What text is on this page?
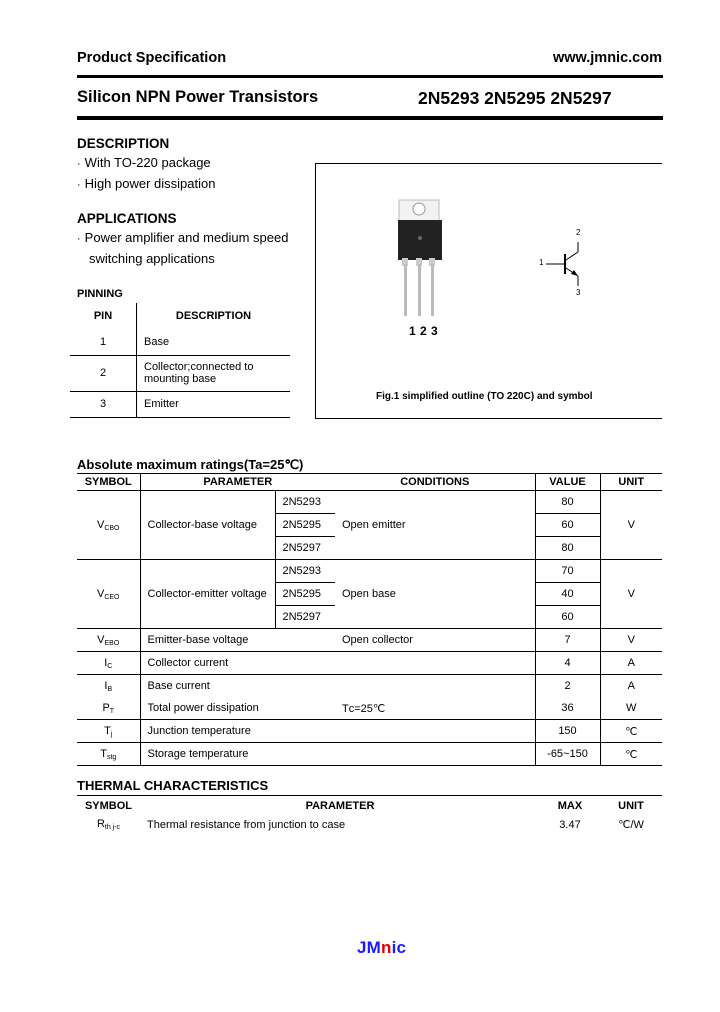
Product Specification	www.jmnic.com
Silicon NPN Power Transistors	2N5293 2N5295 2N5297
DESCRIPTION
· With TO-220 package
· High power dissipation
APPLICATIONS
· Power amplifier and medium speed
switching applications
PINNING
PIN	DESCRIPTION
1	Base
2	Collector;connected to
mounting base

3	Emitter
1 2 3
1
2
3
Fig.1 simplified outline (TO 220C) and symbol
Absolute maximum ratings(Ta=25℃)
SYMBOL	PARAMETER		CONDITIONS	VALUE	UNIT
$V_{CBO}$	Collector-base voltage	2N5293	Open emitter	80	V
		2N5295		60	
		2N5297		80	
$V_{CEO}$	Collector-emitter voltage	2N5293	Open base	70	V
		2N5295		40	
		2N5297		60	
$V_{EBO}$	Emitter-base voltage		Open collector	7	V
$I_C$	Collector current			4	A
$I_B$	Base current			2	A
$P_T$	Total power dissipation		Tᴄ=25℃	36	W
$T_j$	Junction temperature			150	℃
$T_{stg}$	Storage temperature			-65~150	℃
THERMAL CHARACTERISTICS
SYMBOL	PARAMETER	MAX	UNIT
$R_{th j-c}$	Thermal resistance from junction to case	3.47	℃/W
JMnic
